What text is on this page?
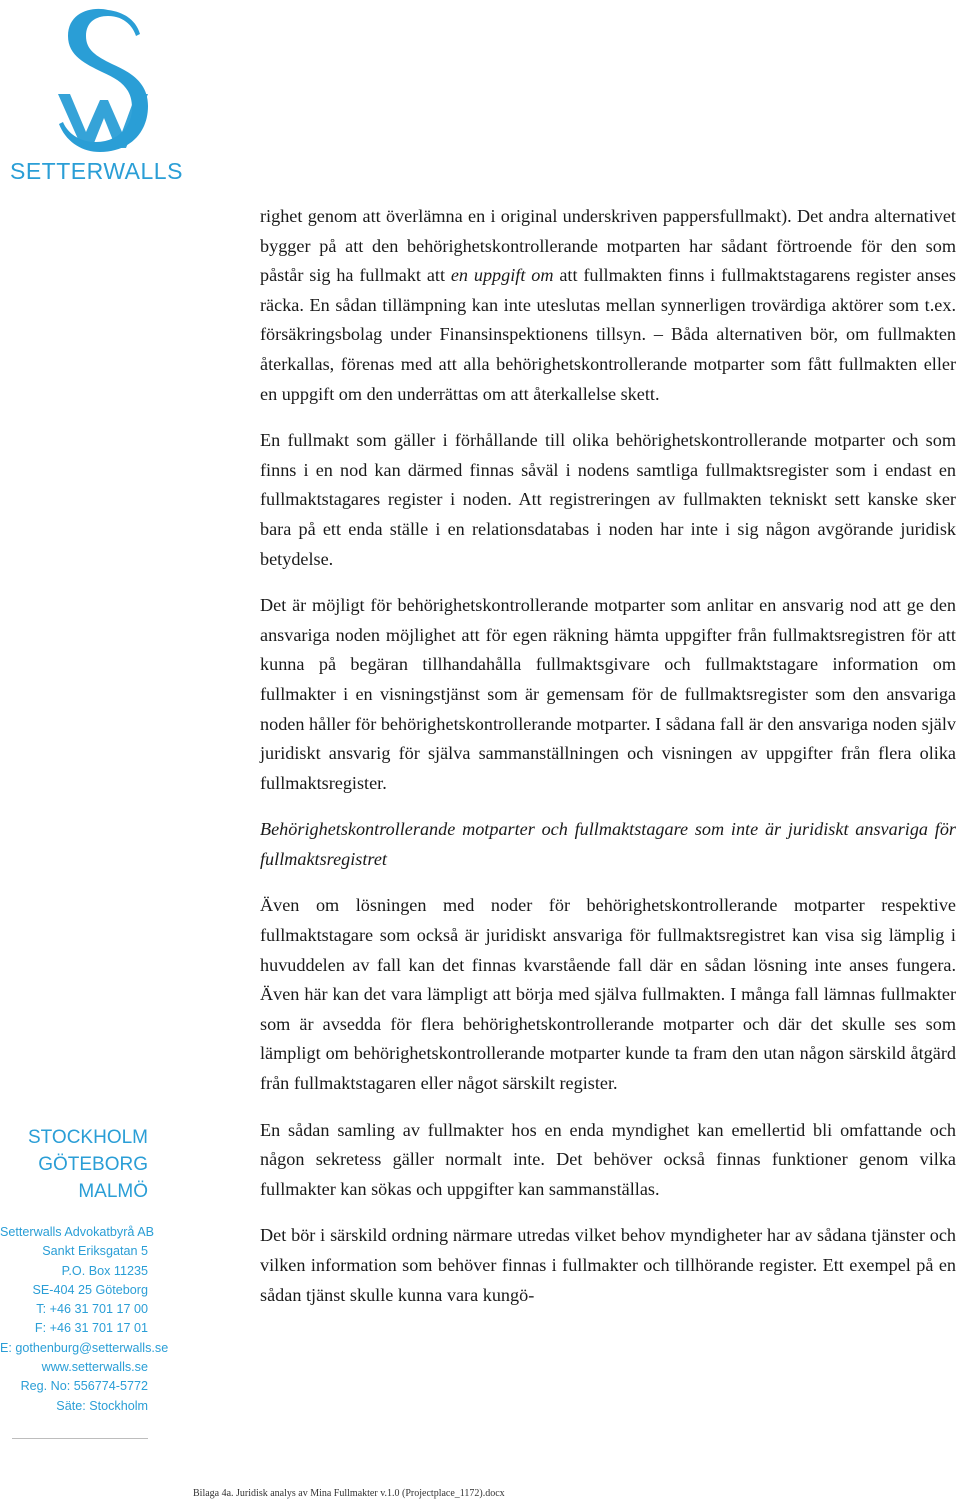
SETTERWALLS

righet genom att överlämna en i original underskriven pappersfullmakt). Det andra alternativet bygger på att den behörighetskontrollerande motparten har sådant förtroende för den som påstår sig ha fullmakt att en uppgift om att fullmakten finns i fullmaktstagarens register anses räcka. En sådan tillämpning kan inte uteslutas mellan synnerligen trovärdiga aktörer som t.ex. försäkringsbolag under Finansinspektionens tillsyn. – Båda alternativen bör, om fullmakten återkallas, förenas med att alla behörighetskontrollerande motparter som fått fullmakten eller en uppgift om den underrättas om att återkallelse skett.

En fullmakt som gäller i förhållande till olika behörighetskontrollerande motparter och som finns i en nod kan därmed finnas såväl i nodens samtliga fullmaktsregister som i endast en fullmaktstagares register i noden. Att registreringen av fullmakten tekniskt sett kanske sker bara på ett enda ställe i en relationsdatabas i noden har inte i sig någon avgörande juridisk betydelse.

Det är möjligt för behörighetskontrollerande motparter som anlitar en ansvarig nod att ge den ansvariga noden möjlighet att för egen räkning hämta uppgifter från fullmaktsregistren för att kunna på begäran tillhandahålla fullmaktsgivare och fullmaktstagare information om fullmakter i en visningstjänst som är gemensam för de fullmaktsregister som den ansvariga noden håller för behörighetskontrollerande motparter. I sådana fall är den ansvariga noden själv juridiskt ansvarig för själva sammanställningen och visningen av uppgifter från flera olika fullmaktsregister.

Behörighetskontrollerande motparter och fullmaktstagare som inte är juridiskt ansvariga för fullmaktsregistret

Även om lösningen med noder för behörighetskontrollerande motparter respektive fullmaktstagare som också är juridiskt ansvariga för fullmaktsregistret kan visa sig lämplig i huvuddelen av fall kan det finnas kvarstående fall där en sådan lösning inte anses fungera. Även här kan det vara lämpligt att börja med själva fullmakten. I många fall lämnas fullmakter som är avsedda för flera behörighetskontrollerande motparter och där det skulle ses som lämpligt om behörighetskontrollerande motparter kunde ta fram den utan någon särskild åtgärd från fullmaktstagaren eller något särskilt register.

En sådan samling av fullmakter hos en enda myndighet kan emellertid bli omfattande och någon sekretess gäller normalt inte. Det behöver också finnas funktioner genom vilka fullmakter kan sökas och uppgifter kan sammanställas.

Det bör i särskild ordning närmare utredas vilket behov myndigheter har av sådana tjänster och vilken information som behöver finnas i fullmakter och tillhörande register. Ett exempel på en sådan tjänst skulle kunna vara kungö-

STOCKHOLM
GÖTEBORG
MALMÖ
Setterwalls Advokatbyrå AB
Sankt Eriksgatan 5
P.O. Box 11235
SE-404 25 Göteborg
T: +46 31 701 17 00
F: +46 31 701 17 01
E: gothenburg@setterwalls.se
www.setterwalls.se
Reg. No: 556774-5772
Säte: Stockholm
Bilaga 4a. Juridisk analys av Mina Fullmakter v.1.0 (Projectplace_1172).docx
